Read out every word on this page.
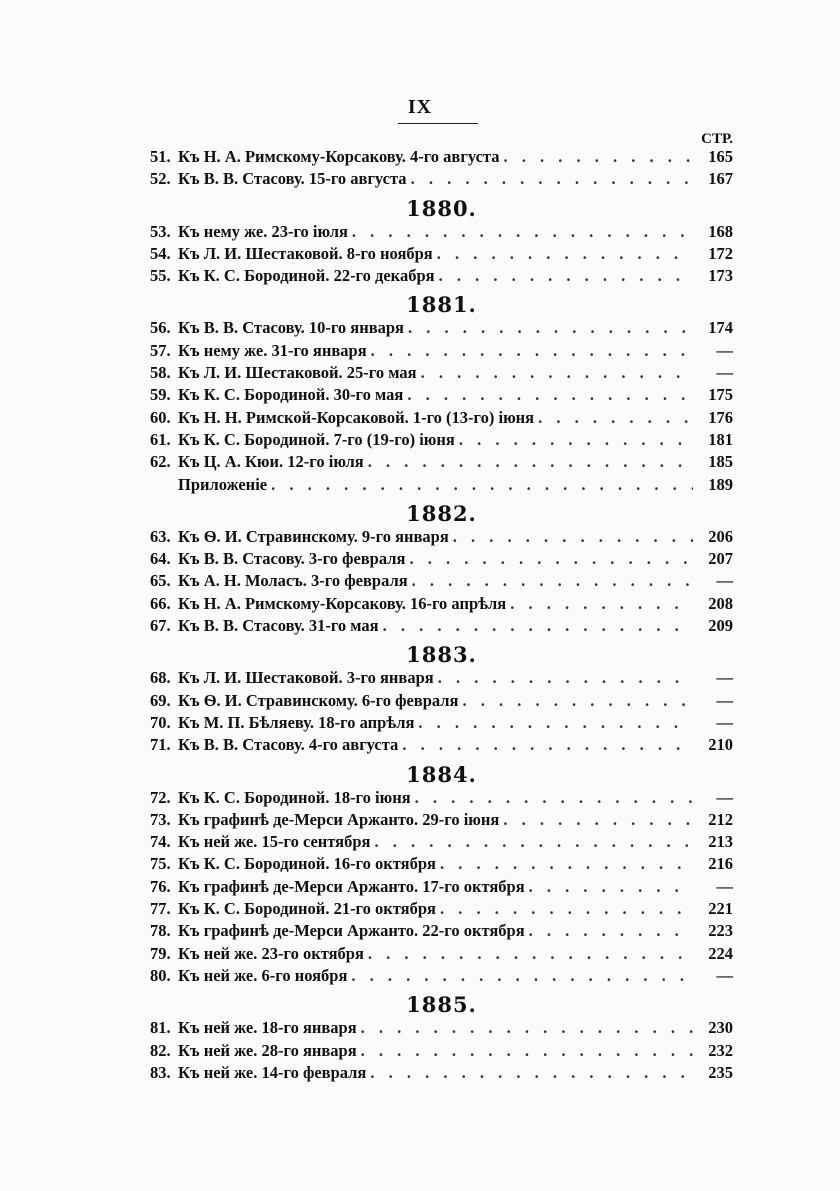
IX
СТР.
51. Къ Н. А. Римскому-Корсакову. 4-го августа . . .	165
52. Къ В. В. Стасову. 15-го августа . . .	167
1880.
53. Къ нему же. 23-го іюля . . .	168
54. Къ Л. И. Шестаковой. 8-го ноября . . .	172
55. Къ К. С. Бородиной. 22-го декабря . . .	173
1881.
56. Къ В. В. Стасову. 10-го января . . .	174
57. Къ нему же. 31-го января . . .	—
58. Къ Л. И. Шестаковой. 25-го мая . . .	—
59. Къ К. С. Бородиной. 30-го мая . . .	175
60. Къ Н. Н. Римской-Корсаковой. 1-го (13-го) іюня . . .	176
61. Къ К. С. Бородиной. 7-го (19-го) іюня . . .	181
62. Къ Ц. А. Кюи. 12-го іюля . . .	185
Приложеніе . . .	189
1882.
63. Къ Ѳ. И. Стравинскому. 9-го января . . .	206
64. Къ В. В. Стасову. 3-го февраля . . .	207
65. Къ А. Н. Моласъ. 3-го февраля . . .	—
66. Къ Н. А. Римскому-Корсакову. 16-го апрѣля . . .	208
67. Къ В. В. Стасову. 31-го мая . . .	209
1883.
68. Къ Л. И. Шестаковой. 3-го января . . .	—
69. Къ Ѳ. И. Стравинскому. 6-го февраля . . .	—
70. Къ М. П. Бѣляеву. 18-го апрѣля . . .	—
71. Къ В. В. Стасову. 4-го августа . . .	210
1884.
72. Къ К. С. Бородиной. 18-го іюня . . .	—
73. Къ графинѣ де-Мерси Аржанто. 29-го іюня . . .	212
74. Къ ней же. 15-го сентября . . .	213
75. Къ К. С. Бородиной. 16-го октября . . .	216
76. Къ графинѣ де-Мерси Аржанто. 17-го октября . . .	—
77. Къ К. С. Бородиной. 21-го октября . . .	221
78. Къ графинѣ де-Мерси Аржанто. 22-го октября . . .	223
79. Къ ней же. 23-го октября . . .	224
80. Къ ней же. 6-го ноября . . .	—
1885.
81. Къ ней же. 18-го января . . .	230
82. Къ ней же. 28-го января . . .	232
83. Къ ней же. 14-го февраля . . .	235
